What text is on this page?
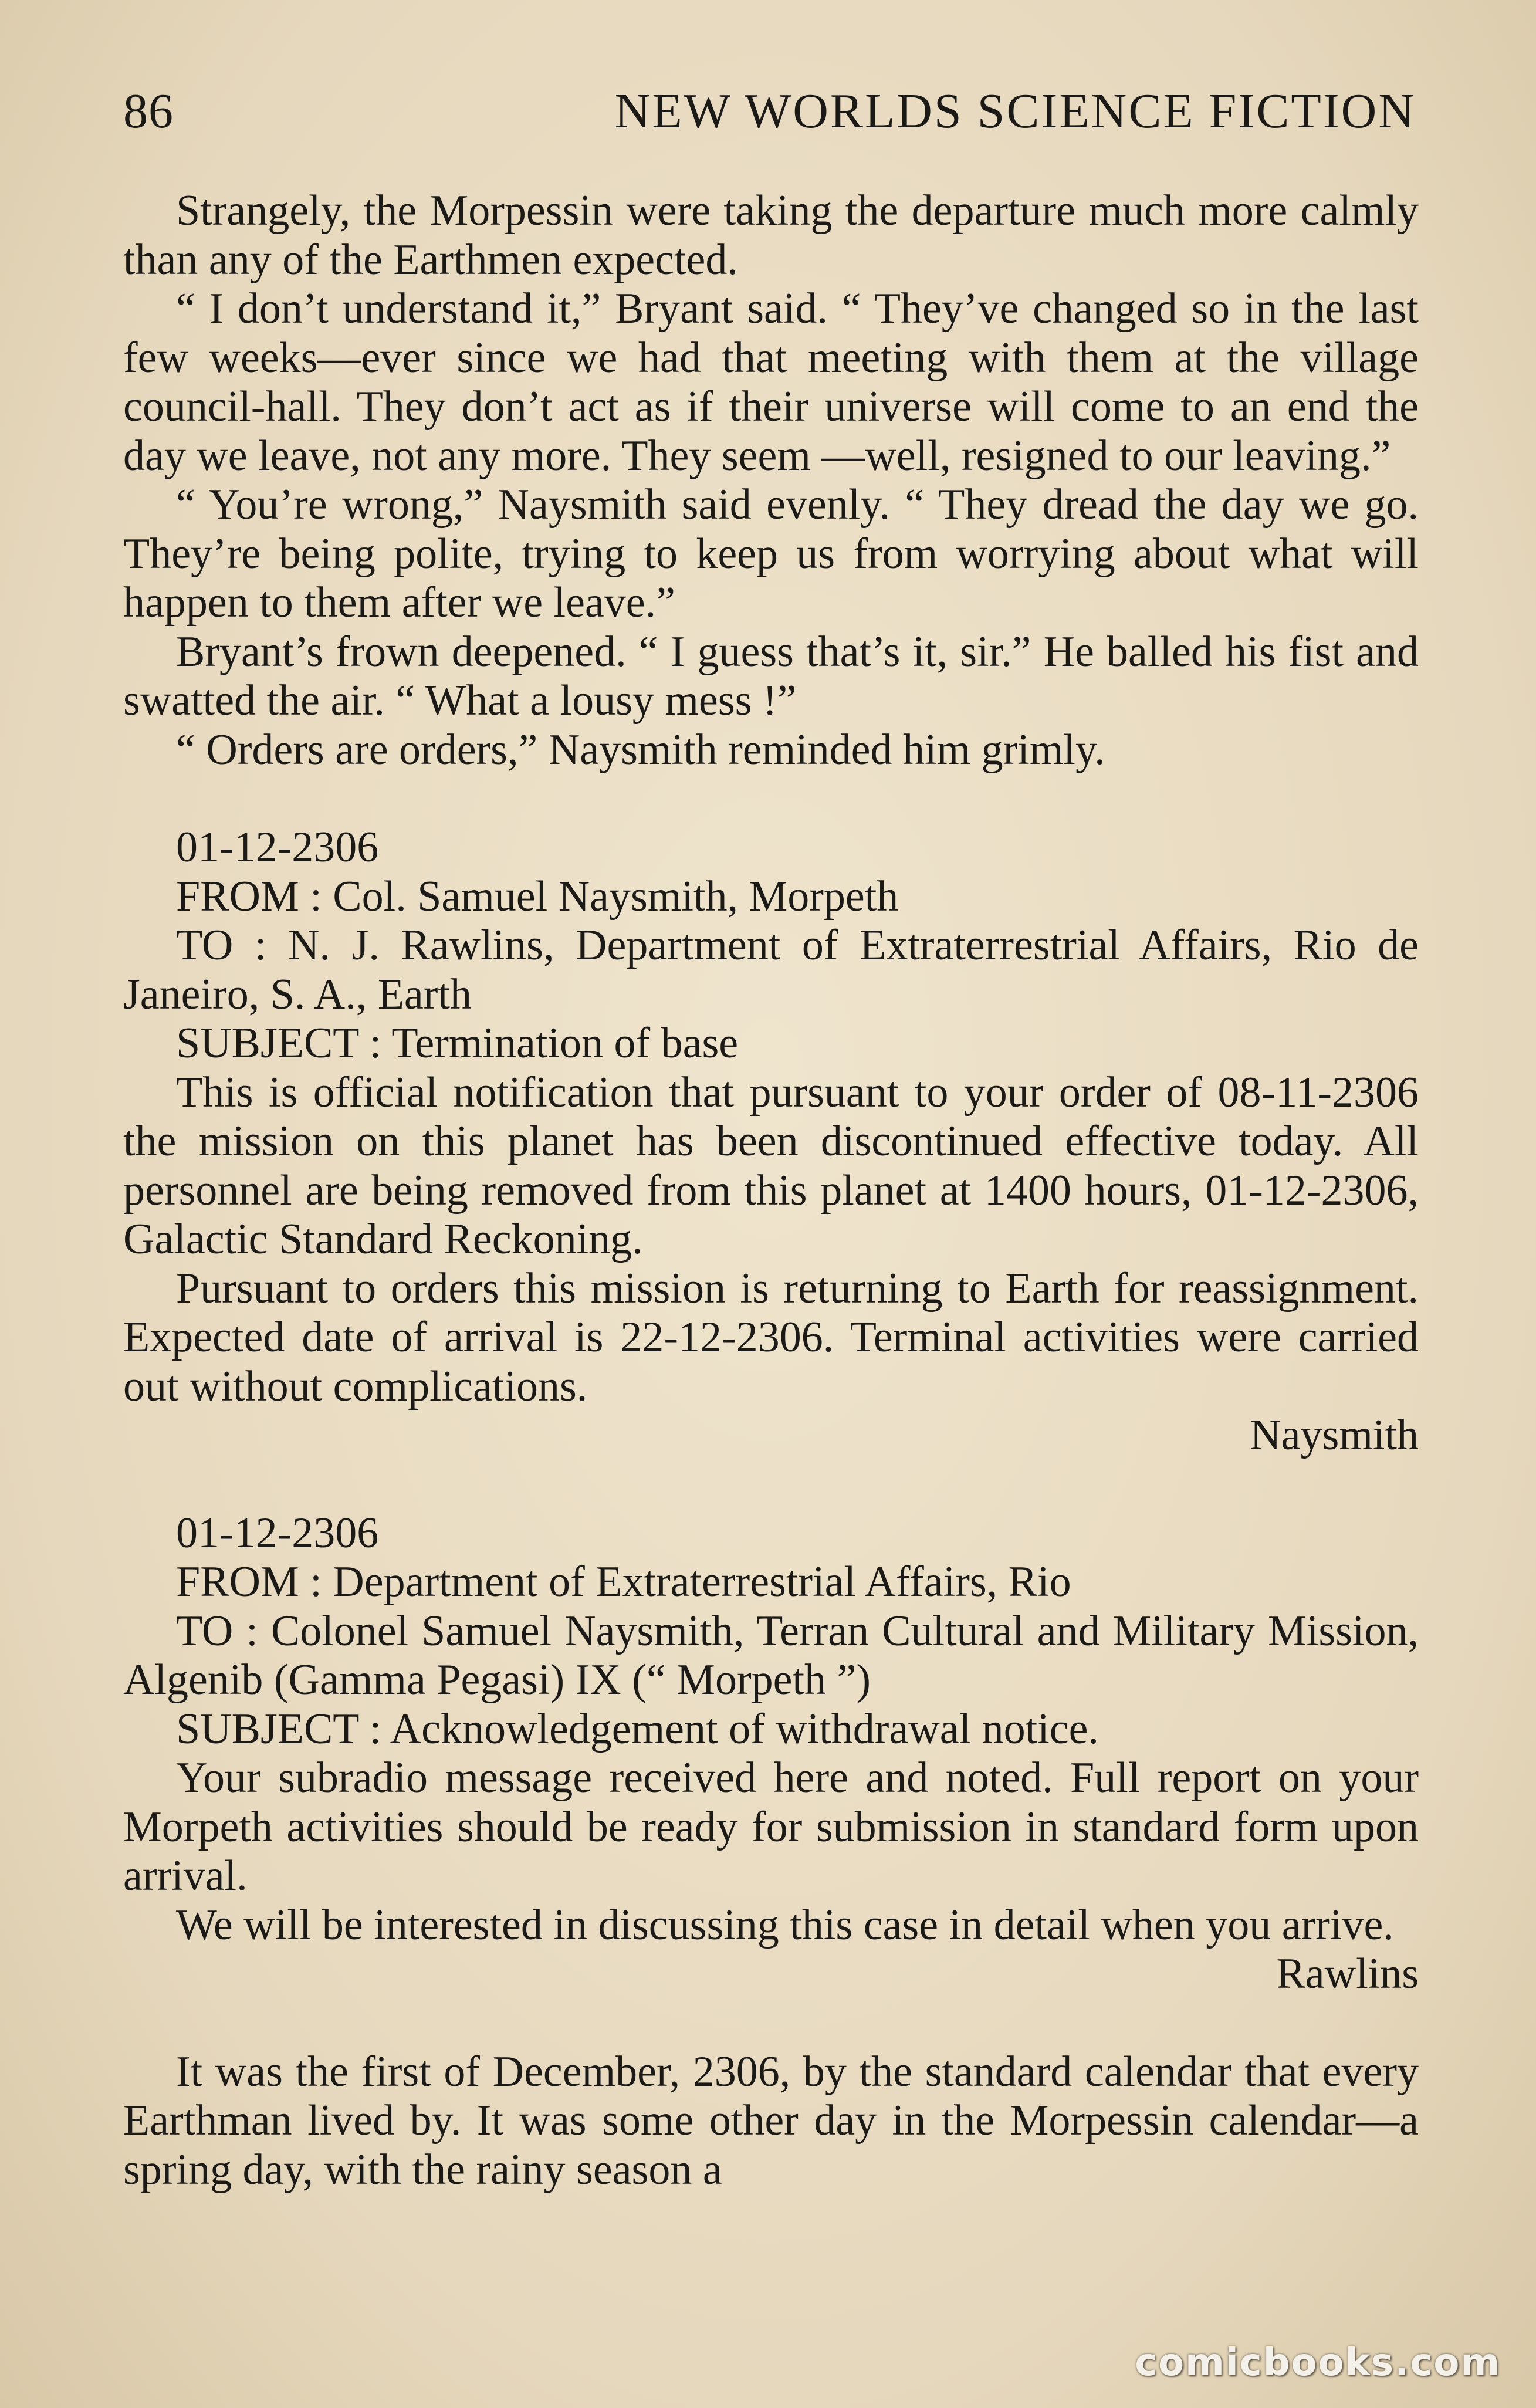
86	NEW WORLDS SCIENCE FICTION

Strangely, the Morpessin were taking the departure much more calmly than any of the Earthmen expected.

“ I don’t understand it,” Bryant said. “ They’ve changed so in the last few weeks—ever since we had that meeting with them at the village council-hall. They don’t act as if their universe will come to an end the day we leave, not any more. They seem —well, resigned to our leaving.”

“ You’re wrong,” Naysmith said evenly. “ They dread the day we go. They’re being polite, trying to keep us from worrying about what will happen to them after we leave.”

Bryant’s frown deepened. “ I guess that’s it, sir.” He balled his fist and swatted the air. “ What a lousy mess !”

“ Orders are orders,” Naysmith reminded him grimly.

01-12-2306

FROM : Col. Samuel Naysmith, Morpeth

TO : N. J. Rawlins, Department of Extraterrestrial Affairs, Rio de Janeiro, S. A., Earth

SUBJECT : Termination of base

This is official notification that pursuant to your order of 08-11-2306 the mission on this planet has been discontinued effective today. All personnel are being removed from this planet at 1400 hours, 01-12-2306, Galactic Standard Reckoning.

Pursuant to orders this mission is returning to Earth for reassignment. Expected date of arrival is 22-12-2306. Terminal activities were carried out without complications.

Naysmith

01-12-2306

FROM : Department of Extraterrestrial Affairs, Rio

TO : Colonel Samuel Naysmith, Terran Cultural and Military Mission, Algenib (Gamma Pegasi) IX (“ Morpeth ”)

SUBJECT : Acknowledgement of withdrawal notice.

Your subradio message received here and noted. Full report on your Morpeth activities should be ready for submission in standard form upon arrival.

We will be interested in discussing this case in detail when you arrive.

Rawlins

It was the first of December, 2306, by the standard calendar that every Earthman lived by. It was some other day in the Morpessin calendar—a spring day, with the rainy season a

comicbooks.com
